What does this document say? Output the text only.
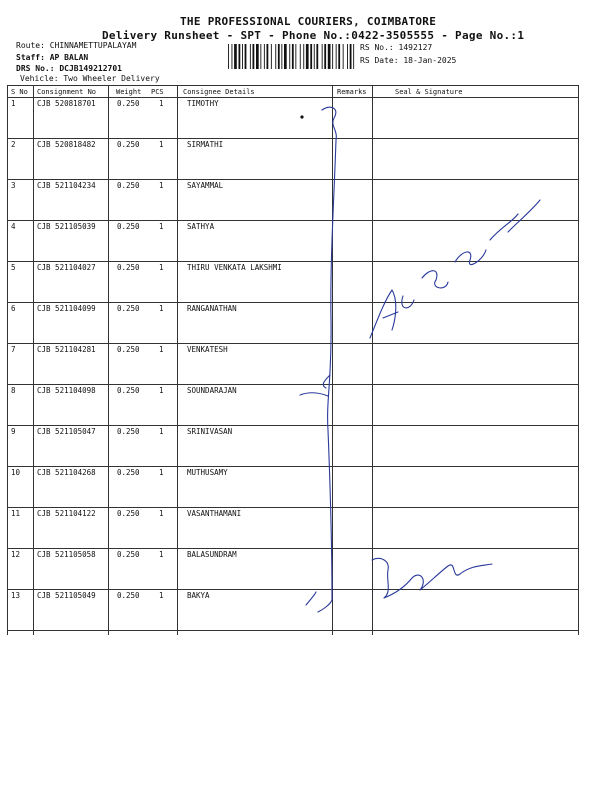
THE PROFESSIONAL COURIERS, COIMBATORE
Delivery Runsheet - SPT - Phone No.:0422-3505555 - Page No.:1
Route: CHINNAMETTUPALAYAM
Staff: AP BALAN
DRS No.: DCJB149212701
Vehicle: Two Wheeler Delivery
RS No.: 1492127
RS Date: 18-Jan-2025
S No Consignment No	Weight PCS	Consignee Details	Remarks	Seal & Signature
1	CJB 520818701	0.250	1	TIMOTHY
2	CJB 520818482	0.250	1	SIRMATHI
3	CJB 521104234	0.250	1	SAYAMMAL
4	CJB 521105039	0.250	1	SATHYA
5	CJB 521104027	0.250	1	THIRU VENKATA LAKSHMI
6	CJB 521104099	0.250	1	RANGANATHAN
7	CJB 521104281	0.250	1	VENKATESH
8	CJB 521104098	0.250	1	SOUNDARAJAN
9	CJB 521105047	0.250	1	SRINIVASAN
10 CJB 521104268	0.250	1	MUTHUSAMY
11 CJB 521104122	0.250	1	VASANTHAMANI
12 CJB 521105058	0.250	1	BALASUNDRAM
13 CJB 521105049	0.250	1	BAKYA
